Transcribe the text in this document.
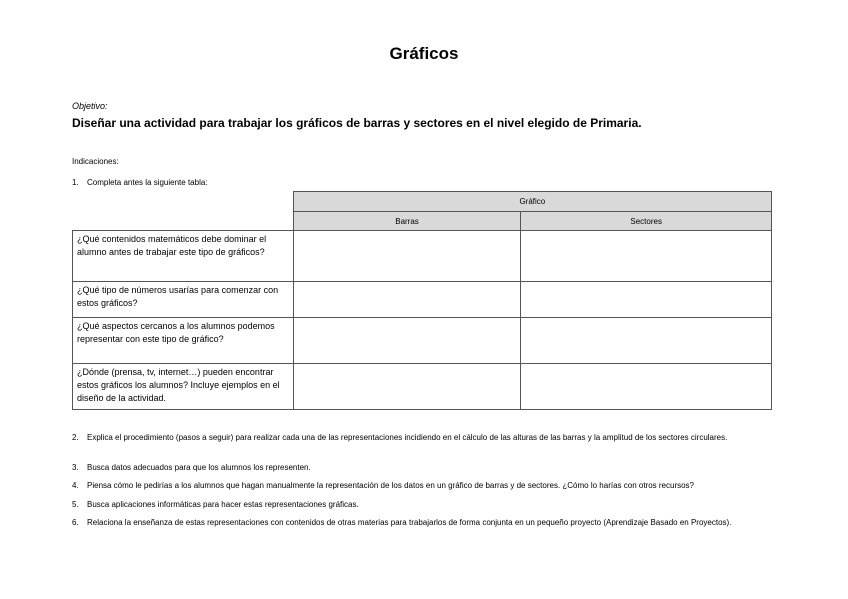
Gráficos
Objetivo:
Diseñar una actividad para trabajar los gráficos de barras y sectores en el nivel elegido de Primaria.
Indicaciones:
1.	Completa antes la siguiente tabla:
	Gráfico	
	Barras	Sectores
¿Qué contenidos matemáticos debe dominar el alumno antes de trabajar este tipo de gráficos?		
¿Qué tipo de números usarías para comenzar con estos gráficos?		
¿Qué aspectos cercanos a los alumnos podemos representar con este tipo de gráfico?		
¿Dónde (prensa, tv, internet…) pueden encontrar estos gráficos los alumnos? Incluye ejemplos en el diseño de la actividad.		
2.	Explica el procedimiento (pasos a seguir) para realizar cada una de las representaciones incidiendo en el cálculo de las alturas de las barras y la amplitud de los sectores circulares.
3.	Busca datos adecuados para que los alumnos los representen.
4.	Piensa cómo le pedirías a los alumnos que hagan manualmente la representación de los datos en un gráfico de barras y de sectores. ¿Cómo lo harías con otros recursos?
5.	Busca aplicaciones informáticas para hacer estas representaciones gráficas.
6.	Relaciona la enseñanza de estas representaciones con contenidos de otras materias para trabajarlos de forma conjunta en un pequeño proyecto (Aprendizaje Basado en Proyectos).
